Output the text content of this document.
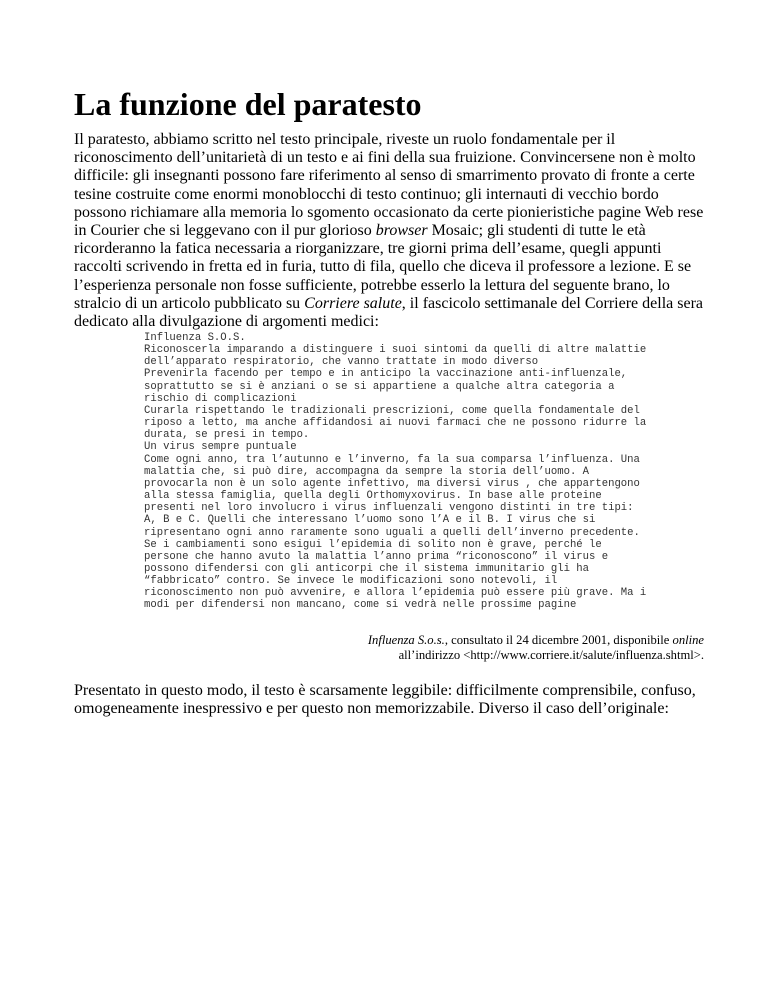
La funzione del paratesto

Il paratesto, abbiamo scritto nel testo principale, riveste un ruolo fondamentale per il riconoscimento dell’unitarietà di un testo e ai fini della sua fruizione. Convincersene non è molto difficile: gli insegnanti possono fare riferimento al senso di smarrimento provato di fronte a certe tesine costruite come enormi monoblocchi di testo continuo; gli internauti di vecchio bordo possono richiamare alla memoria lo sgomento occasionato da certe pionieristiche pagine Web rese in Courier che si leggevano con il pur glorioso browser Mosaic; gli studenti di tutte le età ricorderanno la fatica necessaria a riorganizzare, tre giorni prima dell’esame, quegli appunti raccolti scrivendo in fretta ed in furia, tutto di fila, quello che diceva il professore a lezione. E se l’esperienza personale non fosse sufficiente, potrebbe esserlo la lettura del seguente brano, lo stralcio di un articolo pubblicato su Corriere salute, il fascicolo settimanale del Corriere della sera dedicato alla divulgazione di argomenti medici:

Influenza S.O.S.
Riconoscerla imparando a distinguere i suoi sintomi da quelli di altre malattie
dell’apparato respiratorio, che vanno trattate in modo diverso
Prevenirla facendo per tempo e in anticipo la vaccinazione anti-influenzale,
soprattutto se si è anziani o se si appartiene a qualche altra categoria a
rischio di complicazioni
Curarla rispettando le tradizionali prescrizioni, come quella fondamentale del
riposo a letto, ma anche affidandosi ai nuovi farmaci che ne possono ridurre la
durata, se presi in tempo.
Un virus sempre puntuale
Come ogni anno, tra l’autunno e l’inverno, fa la sua comparsa l’influenza. Una
malattia che, si può dire, accompagna da sempre la storia dell’uomo. A
provocarla non è un solo agente infettivo, ma diversi virus , che appartengono
alla stessa famiglia, quella degli Orthomyxovirus. In base alle proteine
presenti nel loro involucro i virus influenzali vengono distinti in tre tipi:
A, B e C. Quelli che interessano l’uomo sono l’A e il B. I virus che si
ripresentano ogni anno raramente sono uguali a quelli dell’inverno precedente.
Se i cambiamenti sono esigui l’epidemia di solito non è grave, perché le
persone che hanno avuto la malattia l’anno prima “riconoscono” il virus e
possono difendersi con gli anticorpi che il sistema immunitario gli ha
“fabbricato” contro. Se invece le modificazioni sono notevoli, il
riconoscimento non può avvenire, e allora l’epidemia può essere più grave. Ma i
modi per difendersi non mancano, come si vedrà nelle prossime pagine
Influenza S.o.s., consultato il 24 dicembre 2001, disponibile online
all’indirizzo <http://www.corriere.it/salute/influenza.shtml>.

Presentato in questo modo, il testo è scarsamente leggibile: difficilmente comprensibile, confuso, omogeneamente inespressivo e per questo non memorizzabile. Diverso il caso dell’originale:
